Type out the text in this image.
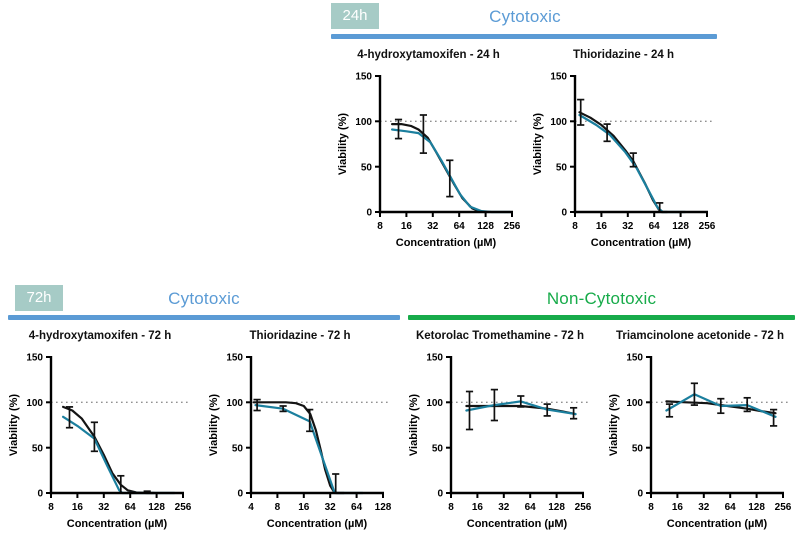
24h	Cytotoxic
4-hydroxytamoxifen - 24 h
0
50
100
150
8 16 32 64 128 256
Concentration (µM)
Viability (%)
Thioridazine - 24 h
0
50
100
150
8 16 32 64 128 256
Concentration (µM)
Viability (%)
72h	Cytotoxic	Non-Cytotoxic
4-hydroxytamoxifen - 72 h
0
50
100
150
8 16 32 64 128 256
Concentration (µM)
Viability (%)
Thioridazine - 72 h
0
50
100
150
4 8 16 32 64 128
Concentration (µM)
Viability (%)
Ketorolac Tromethamine - 72 h
0
50
100
150
8 16 32 64 128 256
Concentration (µM)
Viability (%)
Triamcinolone acetonide - 72 h
0
50
100
150
8 16 32 64 128 256
Concentration (µM)
Viability (%)
